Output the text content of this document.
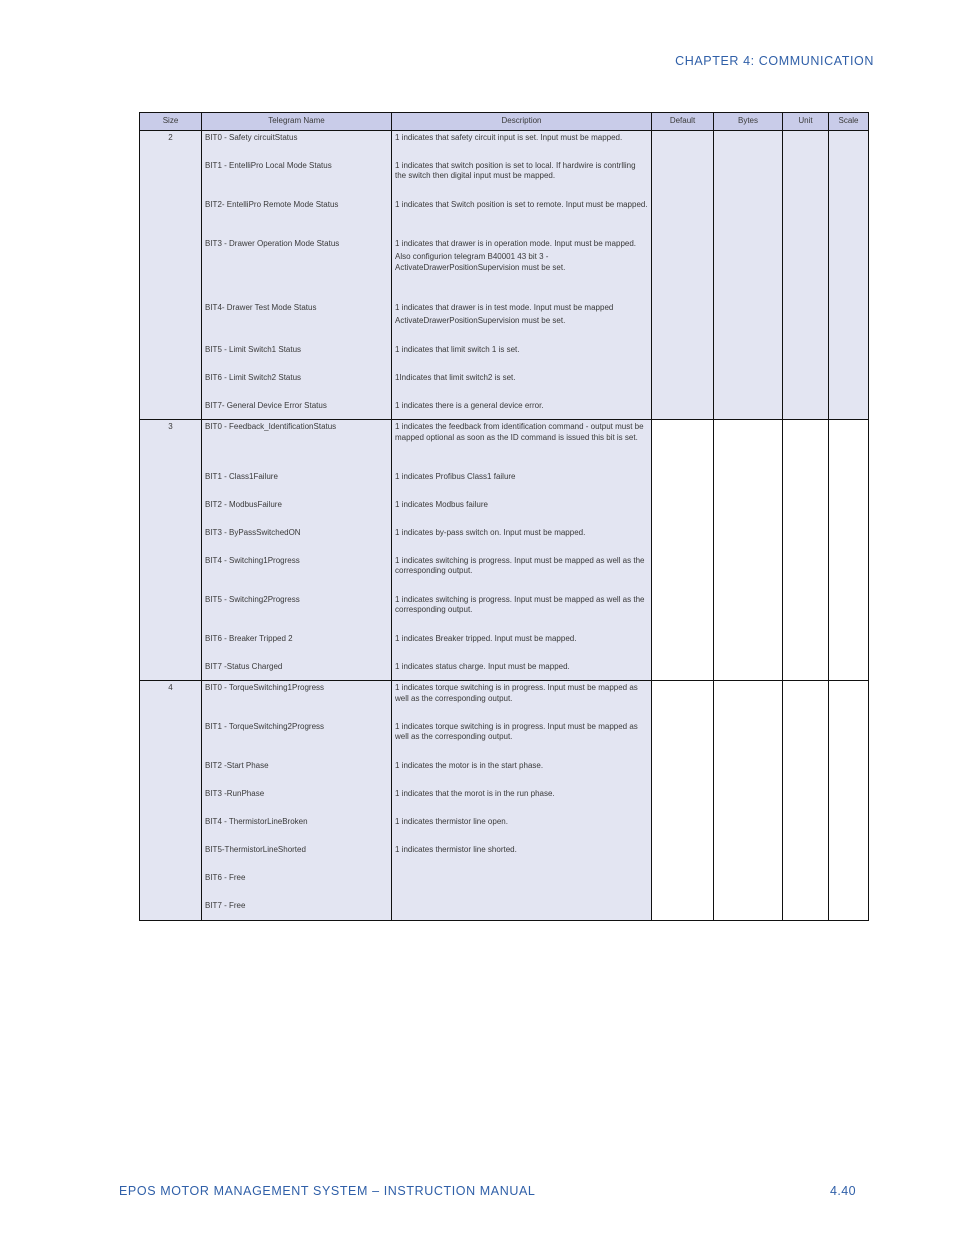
CHAPTER 4: COMMUNICATION
Size	Telegram Name	Description	Default	Bytes	Unit	Scale
2	BIT0 - Safety circuitStatus	1 indicates that safety circuit input is set. Input must be mapped.				

	BIT1 - EntelliPro Local Mode Status	1 indicates that switch position is set to local. If hardwire is contrlling the switch then digital input must be mapped.				

	BIT2- EntelliPro Remote Mode Status	1 indicates that Switch position is set to remote. Input must be mapped.				

	BIT3 - Drawer Operation Mode Status	1 indicates that drawer is in operation mode. Input must be mapped.
Also configurion telegram B40001 43 bit 3 - ActivateDrawerPositionSupervision must be set.				

	BIT4- Drawer Test Mode Status	1 indicates that drawer is in test mode. Input must be mapped
ActivateDrawerPositionSupervision must be set.				

	BIT5 - Limit Switch1 Status	1 indicates that limit switch 1 is set.				

	BIT6 - Limit Switch2 Status	1Indicates that limit switch2 is set.				

	BIT7- General Device Error Status	1 indicates there is a general device error.				

3	BIT0 - Feedback_IdentificationStatus	1 indicates the feedback from identification command - output must be mapped optional as soon as the ID command is issued this bit is set.				

	BIT1 - Class1Failure	1 indicates Profibus Class1 failure				

	BIT2 - ModbusFailure	1 indicates Modbus failure				

	BIT3 - ByPassSwitchedON	1 indicates by-pass switch on. Input must be mapped.				

	BIT4 - Switching1Progress	1 indicates switching is progress. Input must be mapped as well as the corresponding output.				

	BIT5 - Switching2Progress	1 indicates switching is progress. Input must be mapped as well as the corresponding output.				

	BIT6 - Breaker Tripped 2	1 indicates Breaker tripped. Input must be mapped.				

	BIT7 -Status Charged	1 indicates status charge. Input must be mapped.				

4	BIT0 - TorqueSwitching1Progress	1 indicates torque switching is in progress. Input must be mapped as well as the corresponding output.				

	BIT1 - TorqueSwitching2Progress	1 indicates torque switching is in progress. Input must be mapped as well as the corresponding output.				

	BIT2 -Start Phase	1 indicates the motor is in the start phase.				

	BIT3 -RunPhase	1 indicates that the morot is in the run phase.				

	BIT4 - ThermistorLineBroken	1 indicates thermistor line open.				

	BIT5-ThermistorLineShorted	1 indicates thermistor line shorted.				

	BIT6 - Free					
	BIT7 - Free					
EPOS MOTOR MANAGEMENT SYSTEM – INSTRUCTION MANUAL	4.40
